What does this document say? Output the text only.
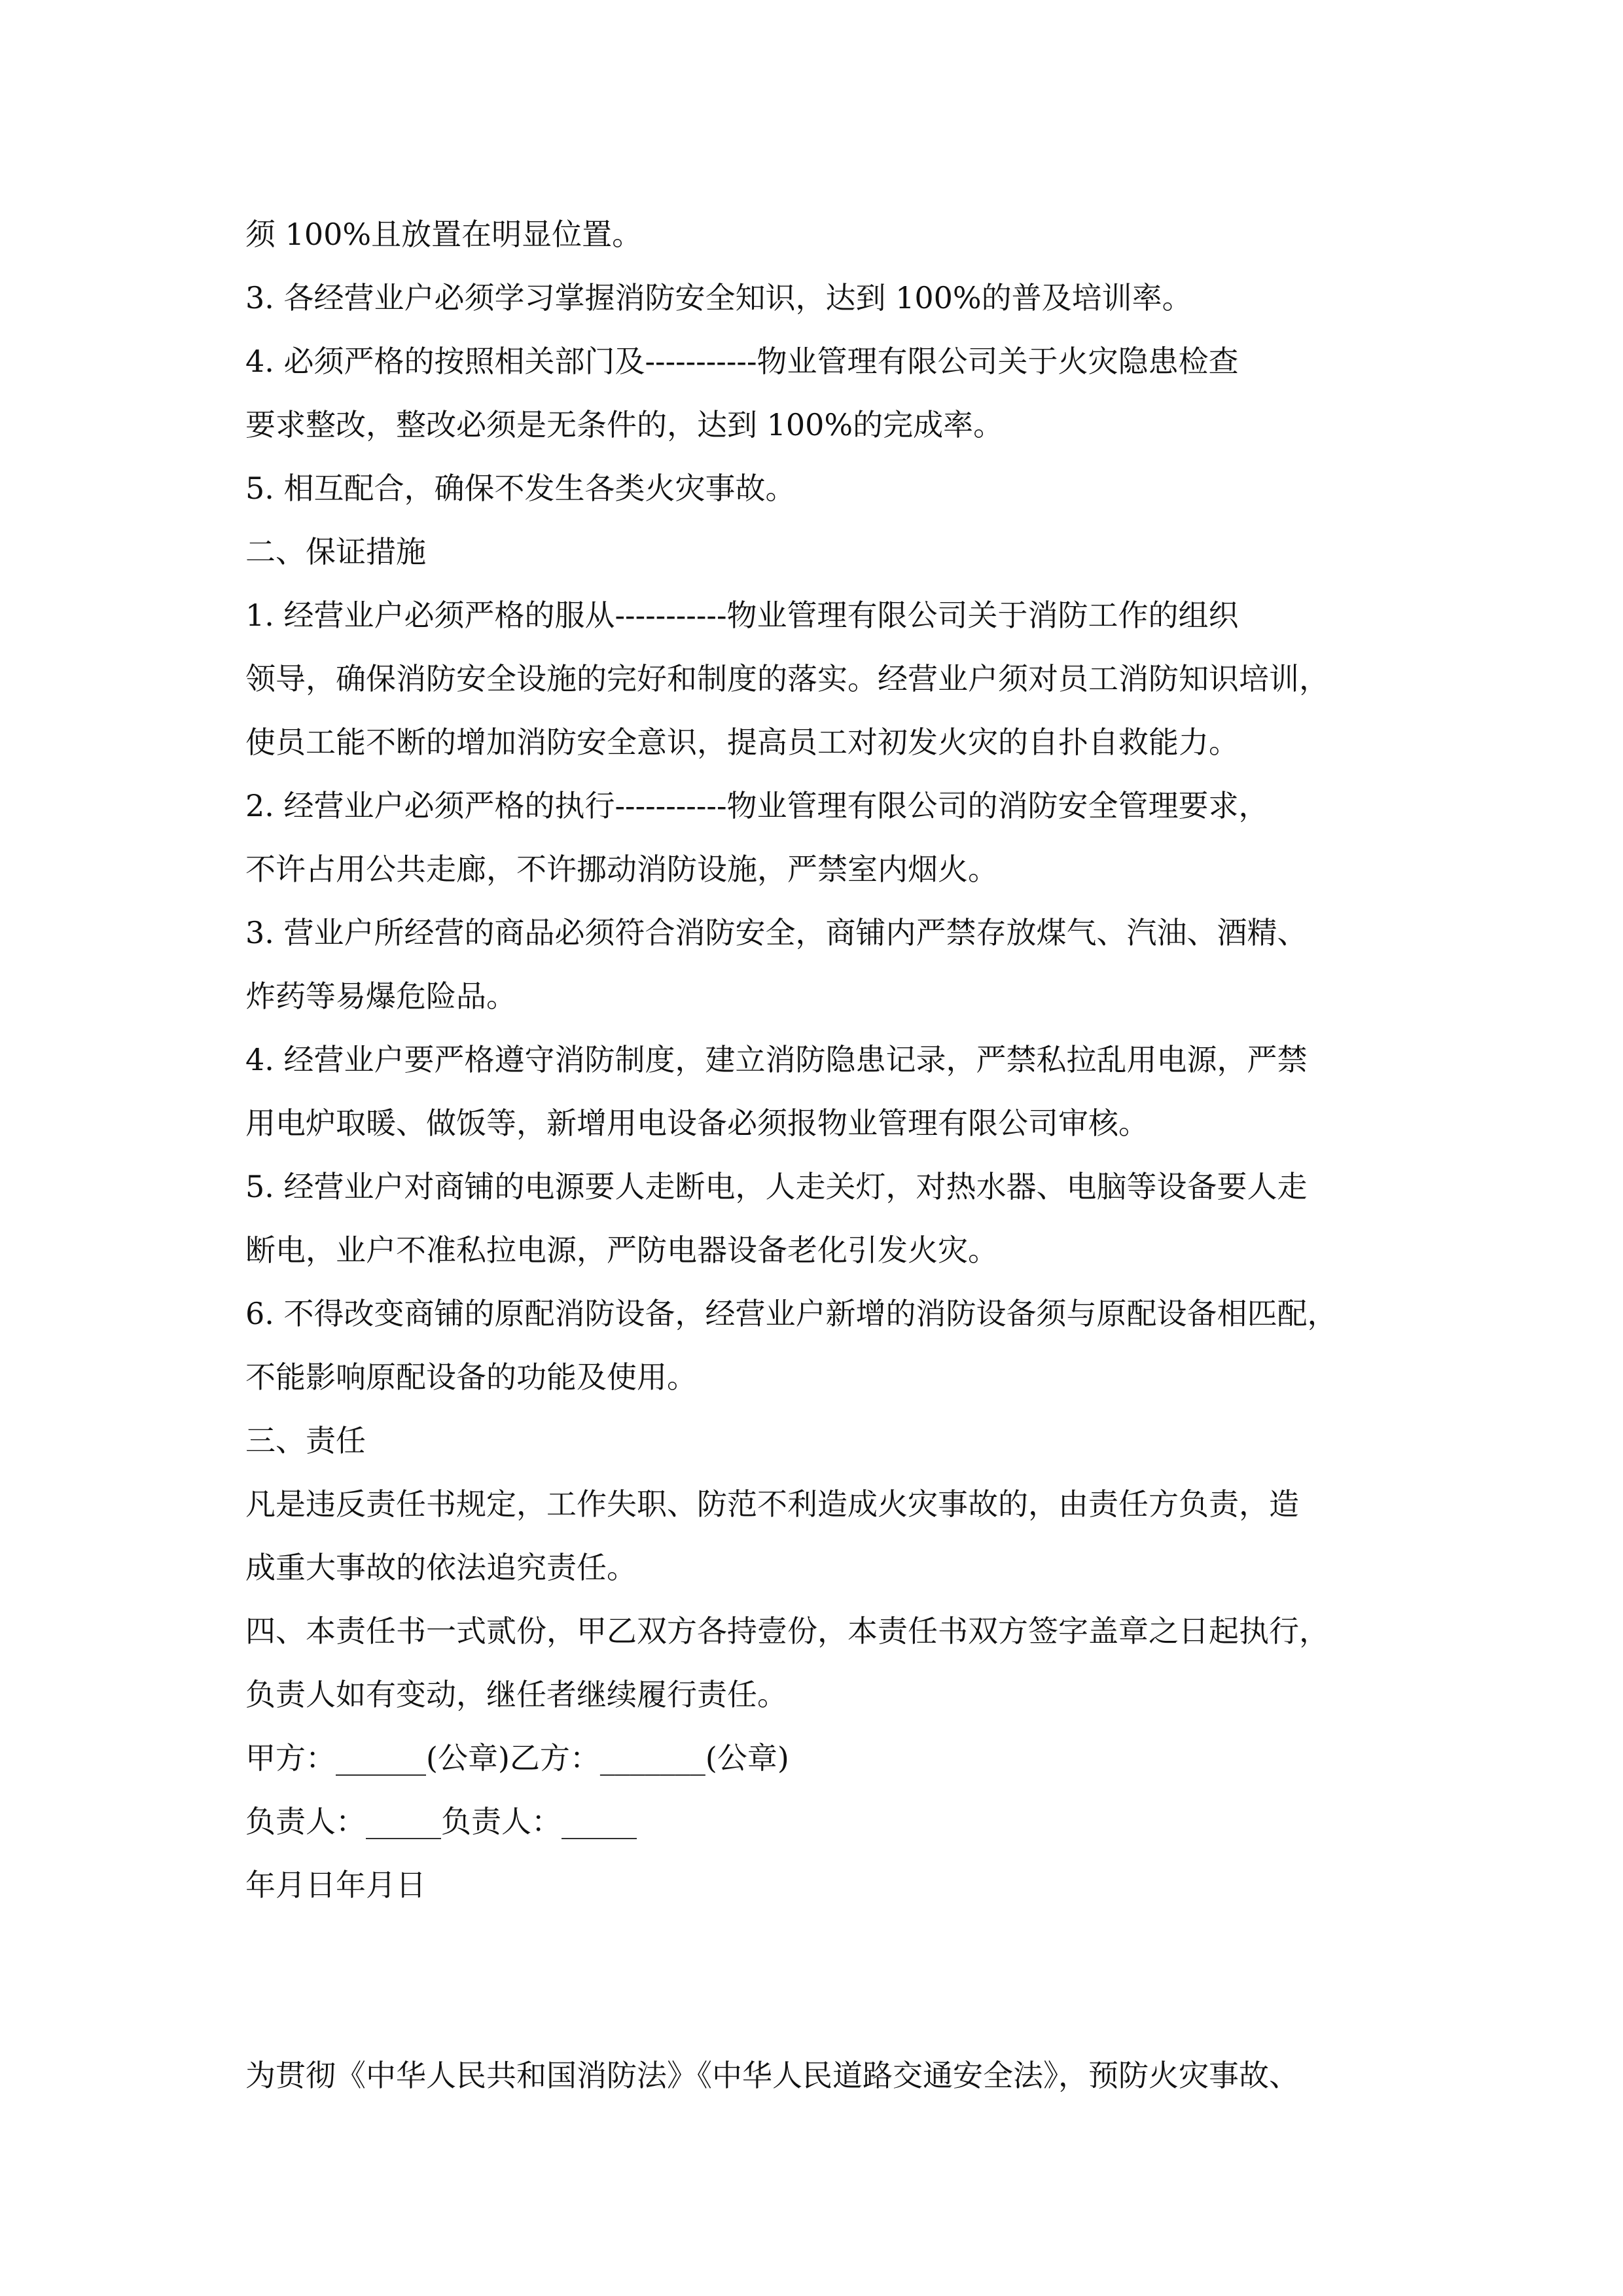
须 100%且放置在明显位置。

3. 各经营业户必须学习掌握消防安全知识，达到 100%的普及培训率。

4. 必须严格的按照相关部门及-----------物业管理有限公司关于火灾隐患检查

要求整改，整改必须是无条件的，达到 100%的完成率。

5. 相互配合，确保不发生各类火灾事故。

二、保证措施

1. 经营业户必须严格的服从-----------物业管理有限公司关于消防工作的组织

领导，确保消防安全设施的完好和制度的落实。经营业户须对员工消防知识培训，

使员工能不断的增加消防安全意识，提高员工对初发火灾的自扑自救能力。

2. 经营业户必须严格的执行-----------物业管理有限公司的消防安全管理要求，

不许占用公共走廊，不许挪动消防设施，严禁室内烟火。

3. 营业户所经营的商品必须符合消防安全，商铺内严禁存放煤气、汽油、酒精、

炸药等易爆危险品。

4. 经营业户要严格遵守消防制度，建立消防隐患记录，严禁私拉乱用电源，严禁

用电炉取暖、做饭等，新增用电设备必须报物业管理有限公司审核。

5. 经营业户对商铺的电源要人走断电，人走关灯，对热水器、电脑等设备要人走

断电，业户不准私拉电源，严防电器设备老化引发火灾。

6. 不得改变商铺的原配消防设备，经营业户新增的消防设备须与原配设备相匹配，

不能影响原配设备的功能及使用。

三、责任

凡是违反责任书规定，工作失职、防范不利造成火灾事故的，由责任方负责，造

成重大事故的依法追究责任。

四、本责任书一式贰份，甲乙双方各持壹份，本责任书双方签字盖章之日起执行，

负责人如有变动，继任者继续履行责任。

甲方：______(公章)乙方：_______(公章)

负责人：_____负责人：_____

年月日年月日

为贯彻《中华人民共和国消防法》《中华人民道路交通安全法》，预防火灾事故、
